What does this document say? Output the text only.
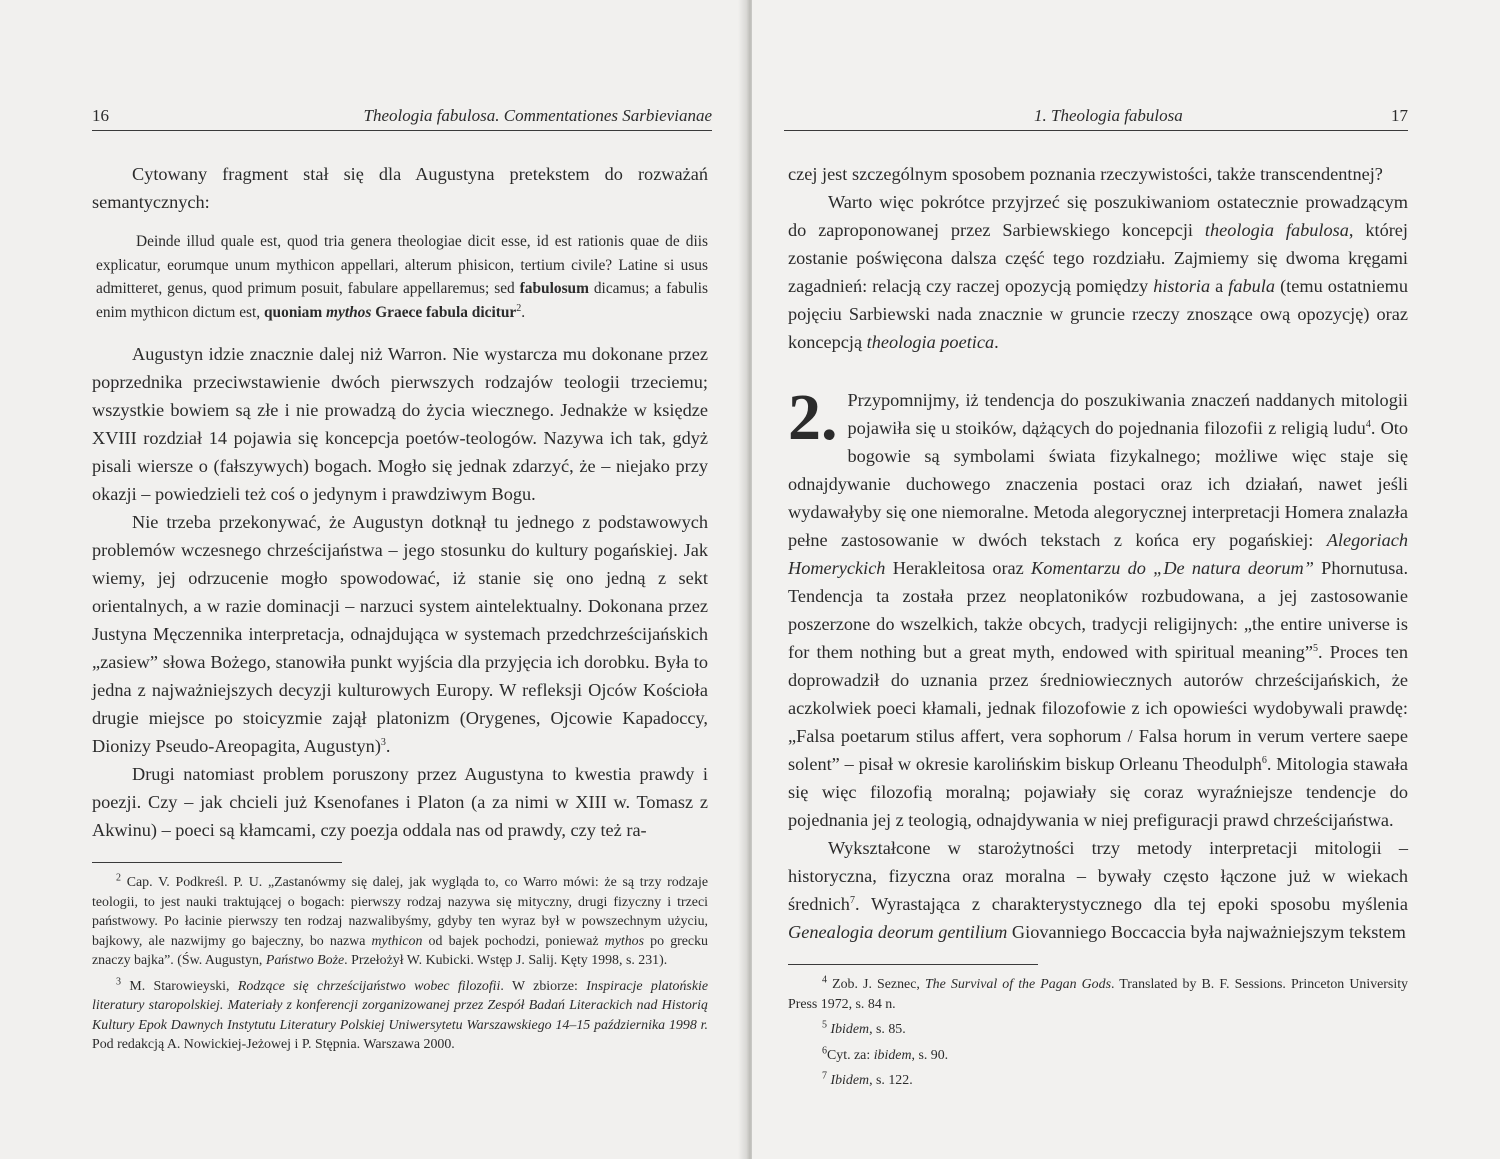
16	Theologia fabulosa. Commentationes Sarbievianae

Cytowany fragment stał się dla Augustyna pretekstem do rozważań semantycznych:

Deinde illud quale est, quod tria genera theologiae dicit esse, id est rationis quae de diis explicatur, eorumque unum mythicon appellari, alterum phisicon, tertium civile? Latine si usus admitteret, genus, quod primum posuit, fabulare appellaremus; sed fabulosum dicamus; a fabulis enim mythicon dictum est, quoniam mythos Graece fabula dicitur$^2$.

Augustyn idzie znacznie dalej niż Warron. Nie wystarcza mu dokonane przez poprzednika przeciwstawienie dwóch pierwszych rodzajów teologii trzeciemu; wszystkie bowiem są złe i nie prowadzą do życia wiecznego. Jednakże w księdze XVIII rozdział 14 pojawia się koncepcja poetów-teologów. Nazywa ich tak, gdyż pisali wiersze o (fałszywych) bogach. Mogło się jednak zdarzyć, że – niejako przy okazji – powiedzieli też coś o jedynym i prawdziwym Bogu.

Nie trzeba przekonywać, że Augustyn dotknął tu jednego z podstawowych problemów wczesnego chrześcijaństwa – jego stosunku do kultury pogańskiej. Jak wiemy, jej odrzucenie mogło spowodować, iż stanie się ono jedną z sekt orientalnych, a w razie dominacji – narzuci system aintelektualny. Dokonana przez Justyna Męczennika interpretacja, odnajdująca w systemach przedchrześcijańskich „zasiew” słowa Bożego, stanowiła punkt wyjścia dla przyjęcia ich dorobku. Była to jedna z najważniejszych decyzji kulturowych Europy. W refleksji Ojców Kościoła drugie miejsce po stoicyzmie zajął platonizm (Orygenes, Ojcowie Kapadoccy, Dionizy Pseudo-Areopagita, Augustyn)$^3$.

Drugi natomiast problem poruszony przez Augustyna to kwestia prawdy i poezji. Czy – jak chcieli już Ksenofanes i Platon (a za nimi w XIII w. Tomasz z Akwinu) – poeci są kłamcami, czy poezja oddala nas od prawdy, czy też ra-

$^2$ Cap. V. Podkreśl. P. U. „Zastanówmy się dalej, jak wygląda to, co Warro mówi: że są trzy rodzaje teologii, to jest nauki traktującej o bogach: pierwszy rodzaj nazywa się mityczny, drugi fizyczny i trzeci państwowy. Po łacinie pierwszy ten rodzaj nazwalibyśmy, gdyby ten wyraz był w powszechnym użyciu, bajkowy, ale nazwijmy go bajeczny, bo nazwa mythicon od bajek pochodzi, ponieważ mythos po grecku znaczy bajka”. (Św. Augustyn, Państwo Boże. Przełożył W. Kubicki. Wstęp J. Salij. Kęty 1998, s. 231).

$^3$ M. Starowieyski, Rodzące się chrześcijaństwo wobec filozofii. W zbiorze: Inspiracje platońskie literatury staropolskiej. Materiały z konferencji zorganizowanej przez Zespół Badań Literackich nad Historią Kultury Epok Dawnych Instytutu Literatury Polskiej Uniwersytetu Warszawskiego 14–15 października 1998 r. Pod redakcją A. Nowickiej-Jeżowej i P. Stępnia. Warszawa 2000.

1. Theologia fabulosa	17

czej jest szczególnym sposobem poznania rzeczywistości, także transcendentnej?

Warto więc pokrótce przyjrzeć się poszukiwaniom ostatecznie prowadzącym do zaproponowanej przez Sarbiewskiego koncepcji theologia fabulosa, której zostanie poświęcona dalsza część tego rozdziału. Zajmiemy się dwoma kręgami zagadnień: relacją czy raczej opozycją pomiędzy historia a fabula (temu ostatniemu pojęciu Sarbiewski nada znacznie w gruncie rzeczy znoszące ową opozycję) oraz koncepcją theologia poetica.

2. Przypomnijmy, iż tendencja do poszukiwania znaczeń naddanych mitologii pojawiła się u stoików, dążących do pojednania filozofii z religią ludu$^4$. Oto bogowie są symbolami świata fizykalnego; możliwe więc staje się odnajdywanie duchowego znaczenia postaci oraz ich działań, nawet jeśli wydawałyby się one niemoralne. Metoda alegorycznej interpretacji Homera znalazła pełne zastosowanie w dwóch tekstach z końca ery pogańskiej: Alegoriach Homeryckich Herakleitosa oraz Komentarzu do „De natura deorum” Phornutusa. Tendencja ta została przez neoplatoników rozbudowana, a jej zastosowanie poszerzone do wszelkich, także obcych, tradycji religijnych: „the entire universe is for them nothing but a great myth, endowed with spiritual meaning”$^5$. Proces ten doprowadził do uznania przez średniowiecznych autorów chrześcijańskich, że aczkolwiek poeci kłamali, jednak filozofowie z ich opowieści wydobywali prawdę: „Falsa poetarum stilus affert, vera sophorum / Falsa horum in verum vertere saepe solent” – pisał w okresie karolińskim biskup Orleanu Theodulph$^6$. Mitologia stawała się więc filozofią moralną; pojawiały się coraz wyraźniejsze tendencje do pojednania jej z teologią, odnajdywania w niej prefiguracji prawd chrześcijaństwa.

Wykształcone w starożytności trzy metody interpretacji mitologii – historyczna, fizyczna oraz moralna – bywały często łączone już w wiekach średnich$^7$. Wyrastająca z charakterystycznego dla tej epoki sposobu myślenia Genealogia deorum gentilium Giovanniego Boccaccia była najważniejszym tekstem

$^4$ Zob. J. Seznec, The Survival of the Pagan Gods. Translated by B. F. Sessions. Princeton University Press 1972, s. 84 n.

$^5$ Ibidem, s. 85.

$^6$Cyt. za: ibidem, s. 90.

$^7$ Ibidem, s. 122.
